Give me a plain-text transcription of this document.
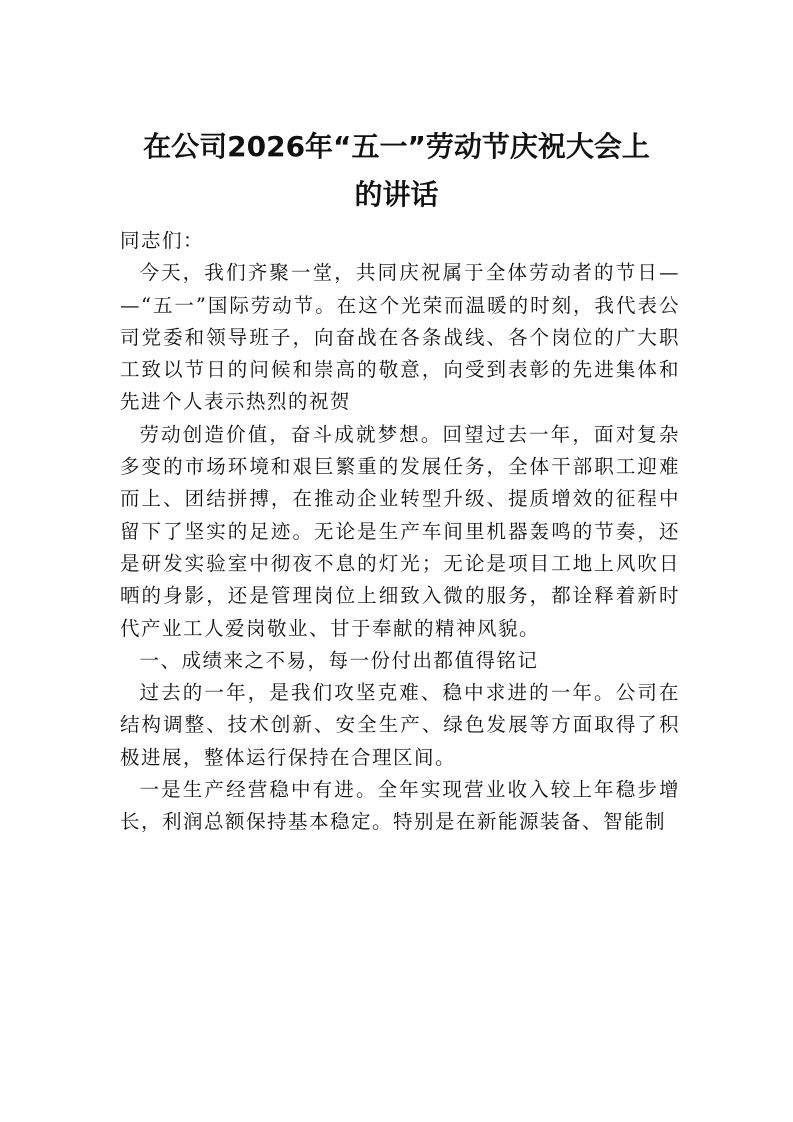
在公司2026年“五一”劳动节庆祝大会上
的讲话

同志们：

今天，我们齐聚一堂，共同庆祝属于全体劳动者的节日——“五一”国际劳动节。在这个光荣而温暖的时刻，我代表公司党委和领导班子，向奋战在各条战线、各个岗位的广大职工致以节日的问候和崇高的敬意，向受到表彰的先进集体和先进个人表示热烈的祝贺

劳动创造价值，奋斗成就梦想。回望过去一年，面对复杂多变的市场环境和艰巨繁重的发展任务，全体干部职工迎难而上、团结拼搏，在推动企业转型升级、提质增效的征程中留下了坚实的足迹。无论是生产车间里机器轰鸣的节奏，还是研发实验室中彻夜不息的灯光；无论是项目工地上风吹日晒的身影，还是管理岗位上细致入微的服务，都诠释着新时代产业工人爱岗敬业、甘于奉献的精神风貌。

一、成绩来之不易，每一份付出都值得铭记

过去的一年，是我们攻坚克难、稳中求进的一年。公司在结构调整、技术创新、安全生产、绿色发展等方面取得了积极进展，整体运行保持在合理区间。

一是生产经营稳中有进。全年实现营业收入较上年稳步增长，利润总额保持基本稳定。特别是在新能源装备、智能制
